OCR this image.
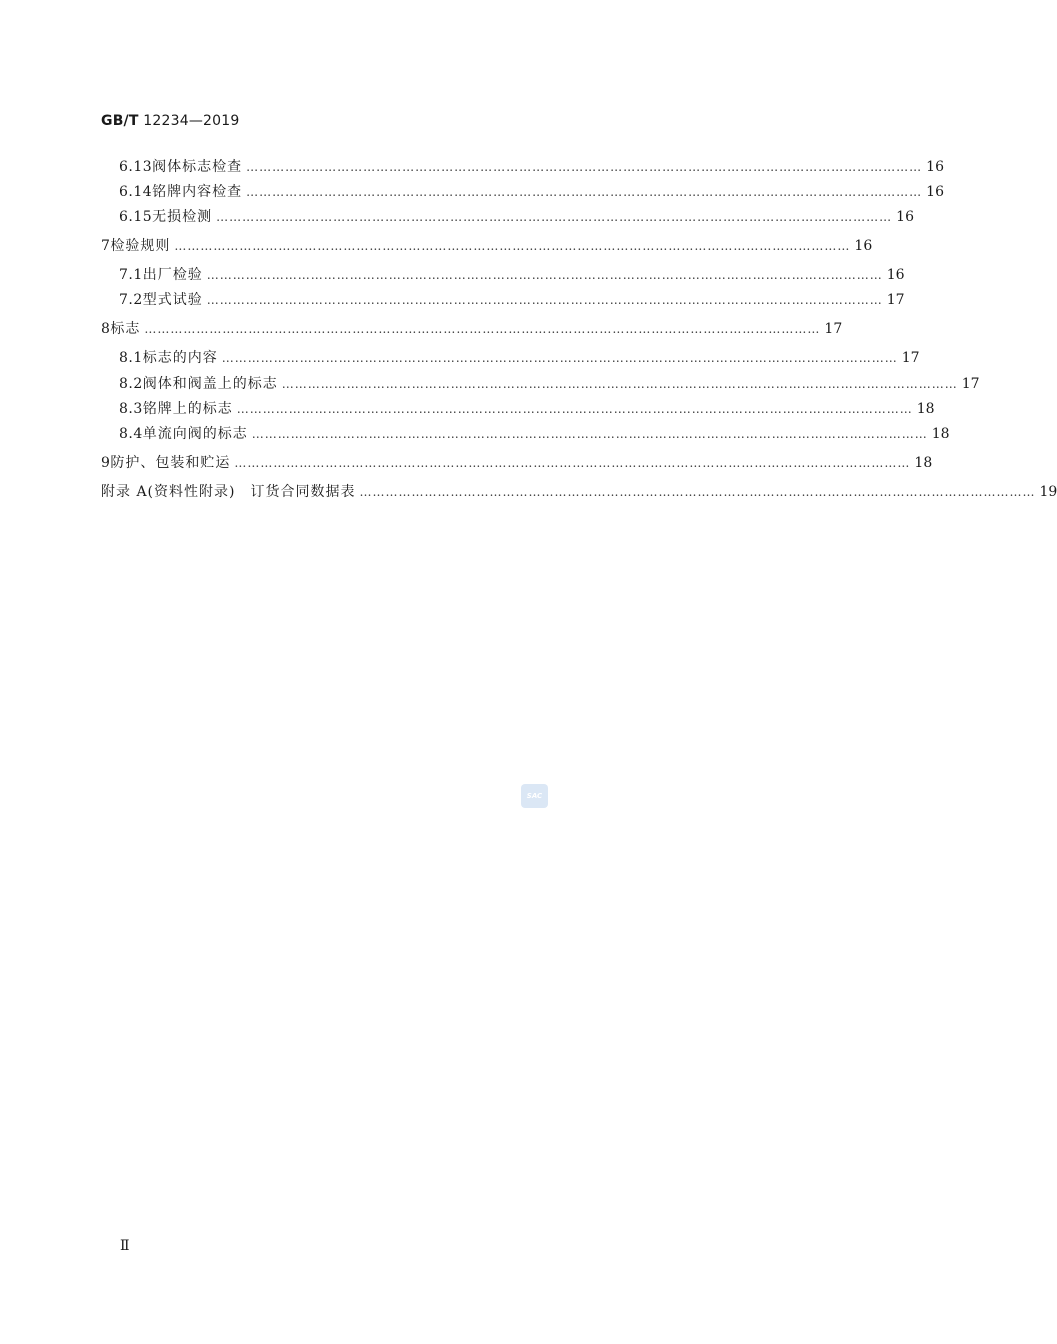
GB/T 12234—2019
6.13 阀体标志检查 ………………………………………………………………………………………………………………………………………… 16
6.14 铭牌内容检查 ………………………………………………………………………………………………………………………………………… 16
6.15 无损检测 ………………………………………………………………………………………………………………………………………… 16
7 检验规则 ………………………………………………………………………………………………………………………………………… 16
7.1 出厂检验 ………………………………………………………………………………………………………………………………………… 16
7.2 型式试验 ………………………………………………………………………………………………………………………………………… 17
8 标志 ………………………………………………………………………………………………………………………………………… 17
8.1 标志的内容 ………………………………………………………………………………………………………………………………………… 17
8.2 阀体和阀盖上的标志 ………………………………………………………………………………………………………………………………………… 17
8.3 铭牌上的标志 ………………………………………………………………………………………………………………………………………… 18
8.4 单流向阀的标志 ………………………………………………………………………………………………………………………………………… 18
9 防护、包装和贮运 ………………………………………………………………………………………………………………………………………… 18
附录 A(资料性附录)　订货合同数据表 ………………………………………………………………………………………………………………………………………… 19
SAC
Ⅱ
